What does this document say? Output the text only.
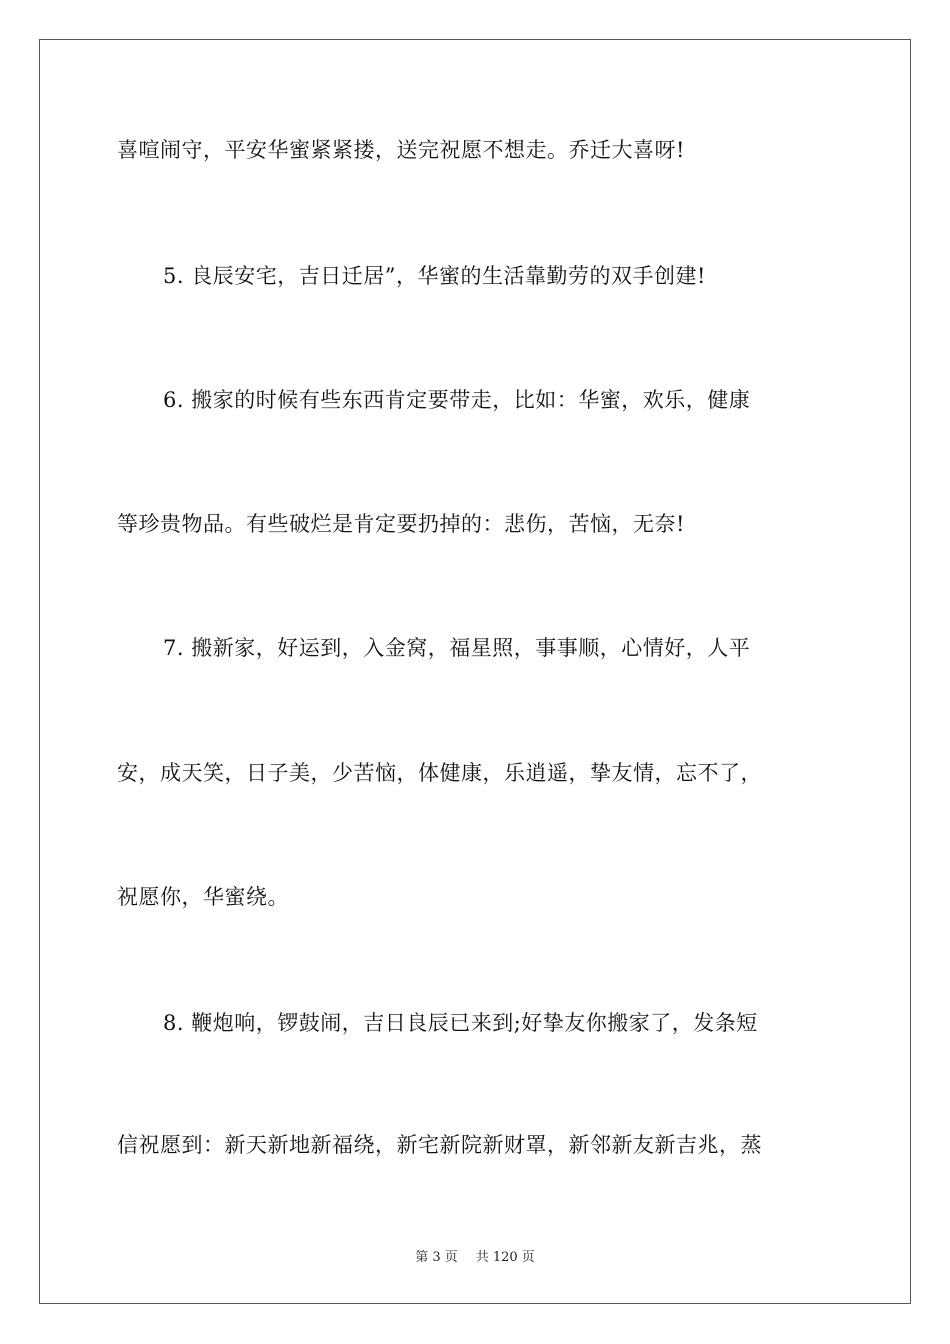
喜喧闹守，平安华蜜紧紧搂，送完祝愿不想走。乔迁大喜呀!
5. 良辰安宅，吉日迁居”，华蜜的生活靠勤劳的双手创建!
6. 搬家的时候有些东西肯定要带走，比如：华蜜，欢乐，健康
等珍贵物品。有些破烂是肯定要扔掉的：悲伤，苦恼，无奈!
7. 搬新家，好运到，入金窝，福星照，事事顺，心情好，人平
安，成天笑，日子美，少苦恼，体健康，乐逍遥，挚友情，忘不了，
祝愿你，华蜜绕。
8. 鞭炮响，锣鼓闹，吉日良辰已来到;好挚友你搬家了，发条短
信祝愿到：新天新地新福绕，新宅新院新财罩，新邻新友新吉兆，蒸
第 3 页 共 120 页
